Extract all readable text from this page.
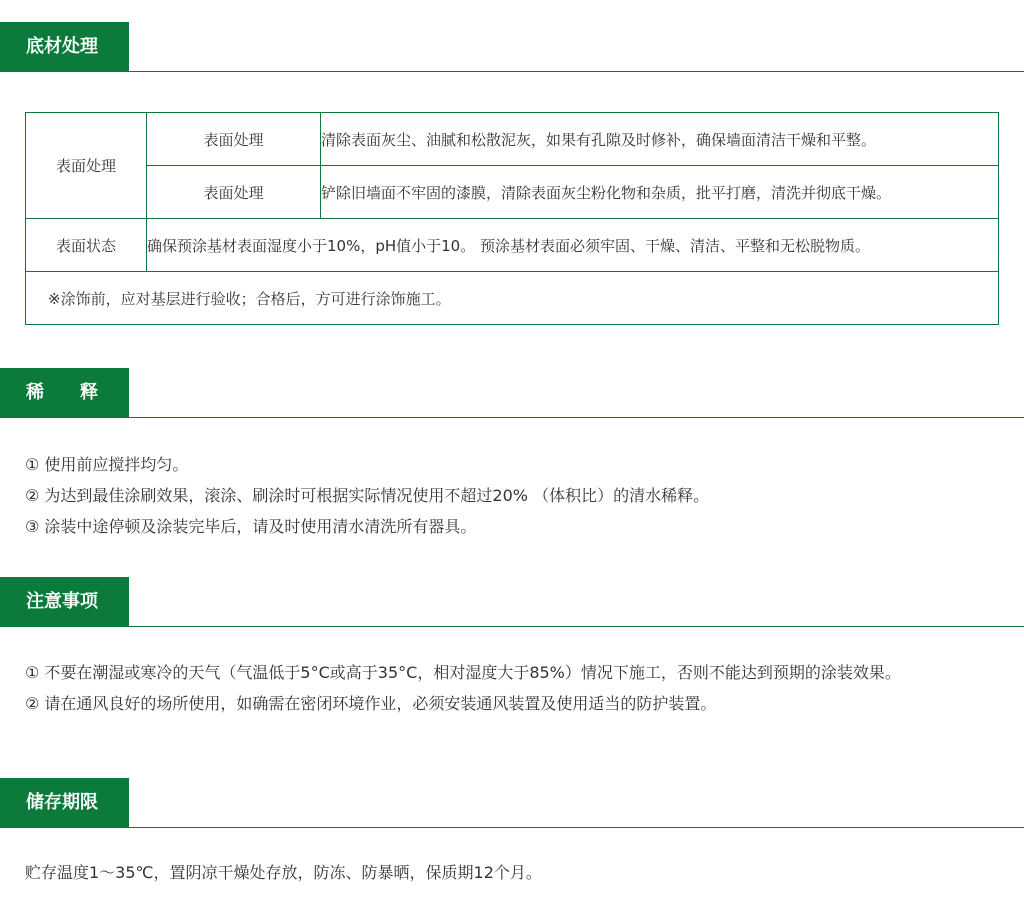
底材处理
表面处理	表面处理	清除表面灰尘、油腻和松散泥灰，如果有孔隙及时修补，确保墙面清洁干燥和平整。
	表面处理	铲除旧墙面不牢固的漆膜，清除表面灰尘粉化物和杂质，批平打磨，清洗并彻底干燥。
表面状态	确保预涂基材表面湿度小于10%，pH值小于10。 预涂基材表面必须牢固、干燥、清洁、平整和无松脱物质。	
※涂饰前，应对基层进行验收；合格后，方可进行涂饰施工。		
稀　　释
① 使用前应搅拌均匀。
② 为达到最佳涂刷效果，滚涂、刷涂时可根据实际情况使用不超过20% （体积比）的清水稀释。
③ 涂装中途停顿及涂装完毕后，请及时使用清水清洗所有器具。
注意事项
① 不要在潮湿或寒冷的天气（气温低于5°C或高于35°C，相对湿度大于85%）情况下施工，否则不能达到预期的涂装效果。
② 请在通风良好的场所使用，如确需在密闭环境作业，必须安装通风装置及使用适当的防护装置。
储存期限
贮存温度1～35℃，置阴凉干燥处存放，防冻、防暴晒，保质期12个月。
